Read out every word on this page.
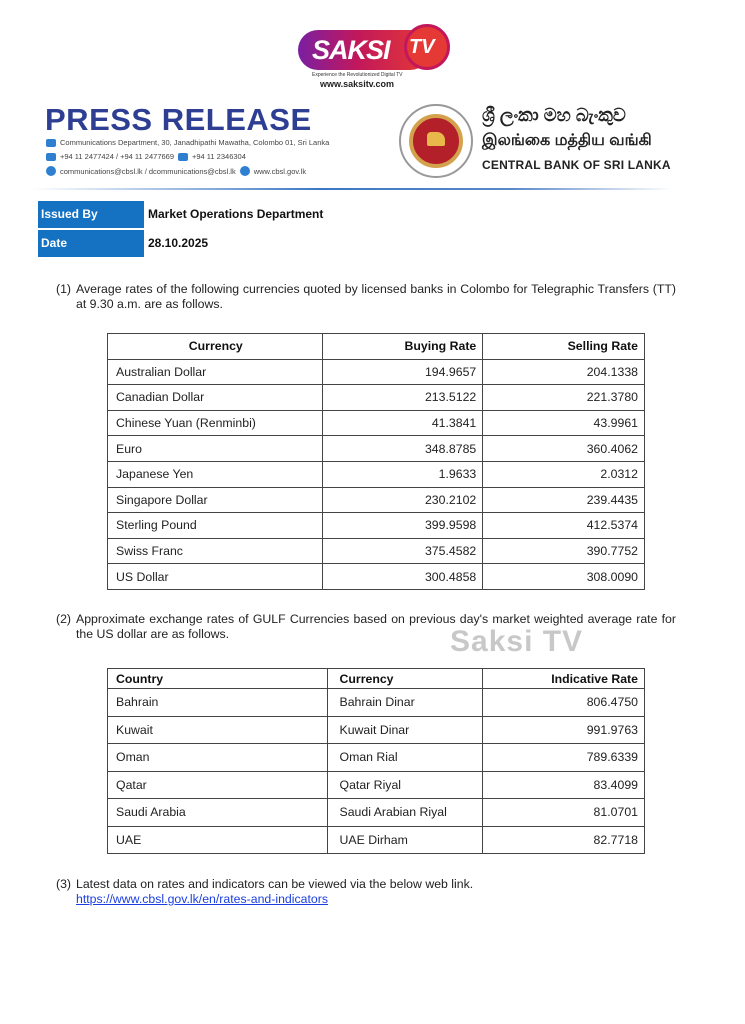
SAKSI TV
Experience the Revolutionized Digital TV
www.saksitv.com
PRESS RELEASE
Communications Department, 30, Janadhipathi Mawatha, Colombo 01, Sri Lanka
+94 11 2477424 / +94 11 2477669 +94 11 2346304
communications@cbsl.lk / dcommunications@cbsl.lk www.cbsl.gov.lk
ශ්‍රී ලංකා මහ බැංකුව
இலங்கை மத்திய வங்கி
CENTRAL BANK OF SRI LANKA
Issued By	Market Operations Department
Date	28.10.2025
(1) Average rates of the following currencies quoted by licensed banks in Colombo for Telegraphic Transfers (TT) at 9.30 a.m. are as follows.
Currency	Buying Rate	Selling Rate
Australian Dollar	194.9657	204.1338
Canadian Dollar	213.5122	221.3780
Chinese Yuan (Renminbi)	41.3841	43.9961
Euro	348.8785	360.4062
Japanese Yen	1.9633	2.0312
Singapore Dollar	230.2102	239.4435
Sterling Pound	399.9598	412.5374
Swiss Franc	375.4582	390.7752
US Dollar	300.4858	308.0090
(2) Approximate exchange rates of GULF Currencies based on previous day's market weighted average rate for the US dollar are as follows.	Saksi TV
Country	Currency	Indicative Rate
Bahrain	Bahrain Dinar	806.4750
Kuwait	Kuwait Dinar	991.9763
Oman	Oman Rial	789.6339
Qatar	Qatar Riyal	83.4099
Saudi Arabia	Saudi Arabian Riyal	81.0701
UAE	UAE Dirham	82.7718
(3) Latest data on rates and indicators can be viewed via the below web link.
https://www.cbsl.gov.lk/en/rates-and-indicators
